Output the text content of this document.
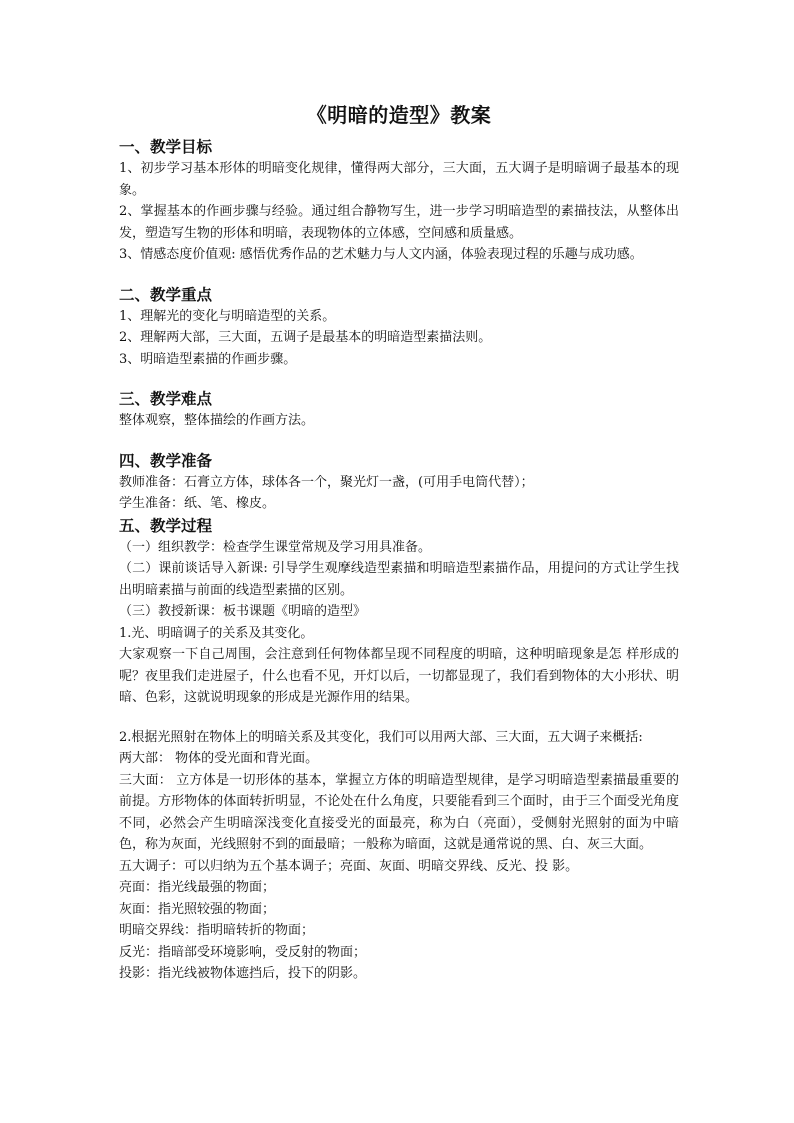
《明暗的造型》教案
一、教学目标
1、初步学习基本形体的明暗变化规律，懂得两大部分，三大面，五大调子是明暗调子最基本的现象。
2、掌握基本的作画步骤与经验。通过组合静物写生，进一步学习明暗造型的素描技法，从整体出发，塑造写生物的形体和明暗，表现物体的立体感，空间感和质量感。
3、情感态度价值观: 感悟优秀作品的艺术魅力与人文内涵，体验表现过程的乐趣与成功感。
二、教学重点
1、理解光的变化与明暗造型的关系。
2、理解两大部，三大面，五调子是最基本的明暗造型素描法则。
3、明暗造型素描的作画步骤。
三、教学难点
整体观察，整体描绘的作画方法。
四、教学准备
教师准备：石膏立方体，球体各一个，聚光灯一盏，(可用手电筒代替）；
学生准备：纸、笔、橡皮。
五、教学过程
（一）组织教学：检查学生课堂常规及学习用具准备。
（二）课前谈话导入新课: 引导学生观摩线造型素描和明暗造型素描作品，用提问的方式让学生找出明暗素描与前面的线造型素描的区别。
（三）教授新课：板书课题《明暗的造型》
1.光、明暗调子的关系及其变化。
大家观察一下自己周围，会注意到任何物体都呈现不同程度的明暗，这种明暗现象是怎 样形成的呢？夜里我们走进屋子，什么也看不见，开灯以后，一切都显现了，我们看到物体的大小形状、明暗、色彩，这就说明现象的形成是光源作用的结果。
2.根据光照射在物体上的明暗关系及其变化，我们可以用两大部、三大面，五大调子来概括:
两大部： 物体的受光面和背光面。
三大面： 立方体是一切形体的基本，掌握立方体的明暗造型规律，是学习明暗造型素描最重要的前提。方形物体的体面转折明显，不论处在什么角度，只要能看到三个面时，由于三个面受光角度不同，必然会产生明暗深浅变化直接受光的面最亮，称为白（亮面），受侧射光照射的面为中暗色，称为灰面，光线照射不到的面最暗；一般称为暗面，这就是通常说的黑、白、灰三大面。
五大调子：可以归纳为五个基本调子；亮面、灰面、明暗交界线、反光、投 影。
亮面：指光线最强的物面；
灰面：指光照较强的物面；
明暗交界线：指明暗转折的物面；
反光：指暗部受环境影响，受反射的物面；
投影：指光线被物体遮挡后，投下的阴影。
